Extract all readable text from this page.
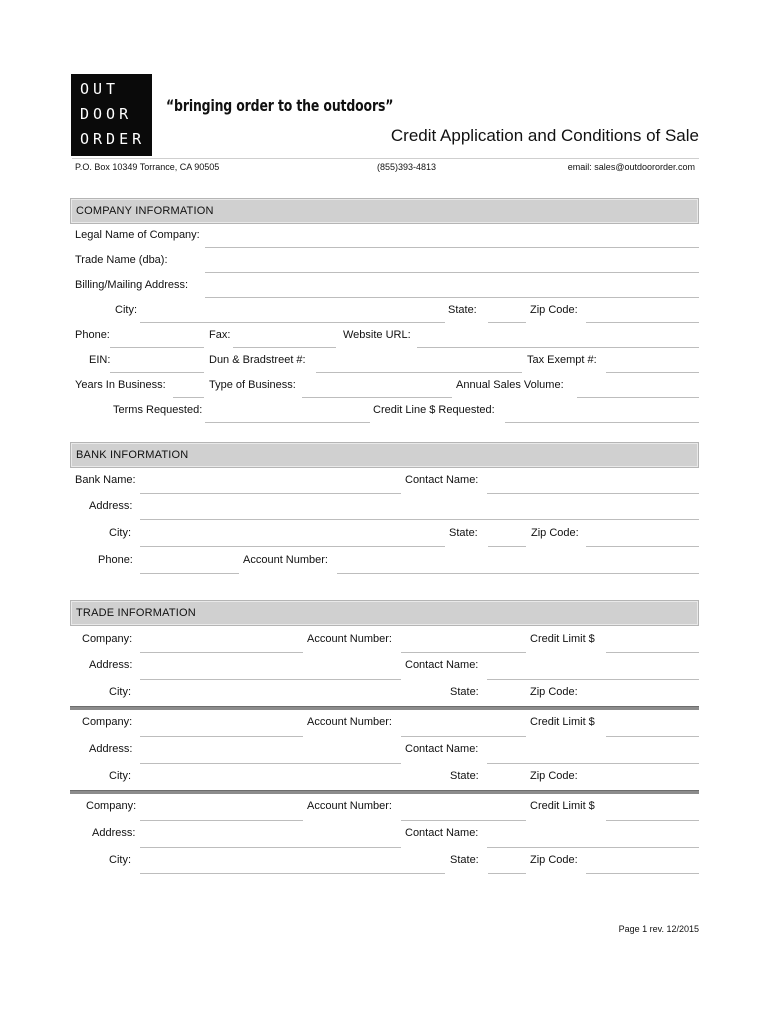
OUT
DOOR
ORDER
“bringing order to the outdoors”
Credit Application and Conditions of Sale
P.O. Box 10349 Torrance, CA 90505	(855)393-4813	email: sales@outdoororder.com
COMPANY INFORMATION
Legal Name of Company:
Trade Name (dba):
Billing/Mailing Address:
City:	State:	Zip Code:
Phone:	Fax:	Website URL:
EIN:	Dun & Bradstreet #:	Tax Exempt #:
Years In Business:	Type of Business:	Annual Sales Volume:
Terms Requested:	Credit Line $ Requested:
BANK INFORMATION
Bank Name:	Contact Name:
Address:
City:	State:	Zip Code:
Phone:	Account Number:
TRADE INFORMATION
Company:	Account Number:	Credit Limit $
Address:	Contact Name:
City:	State:	Zip Code:
Company:	Account Number:	Credit Limit $
Address:	Contact Name:
City:	State:	Zip Code:
Company:	Account Number:	Credit Limit $
Address:	Contact Name:
City:	State:	Zip Code:
Page 1 rev. 12/2015
